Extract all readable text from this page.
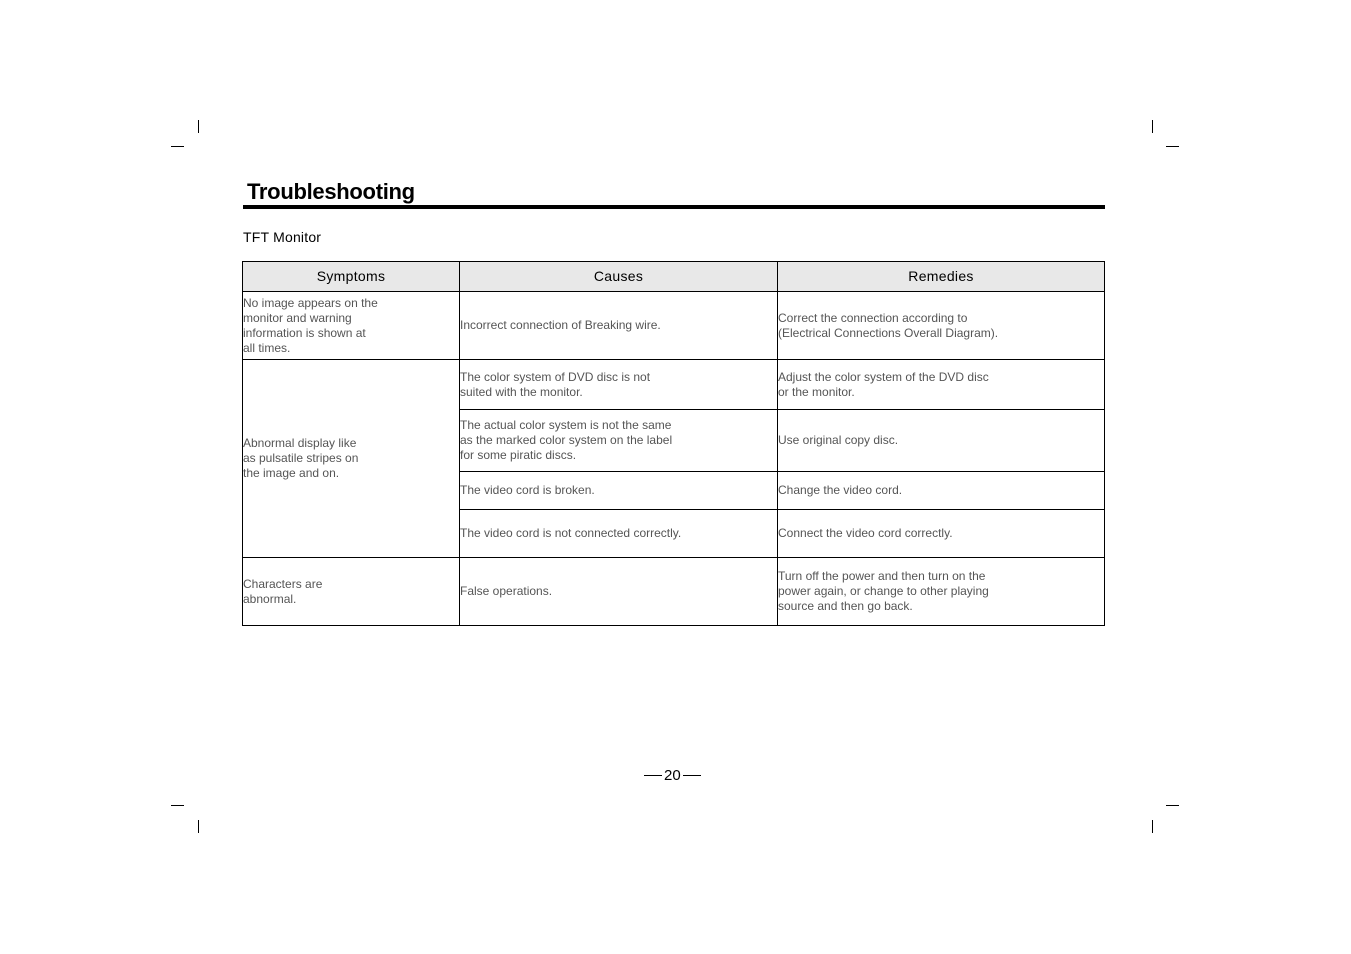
Troubleshooting
TFT Monitor
Symptoms	Causes	Remedies
No image appears on the
monitor and warning
information is shown at
all times.	Incorrect connection of Breaking wire.	Correct the connection according to
(Electrical Connections Overall Diagram).
Abnormal display like
as pulsatile stripes on
the image and on.	The color system of DVD disc is not
suited with the monitor.	Adjust the color system of the DVD disc
or the monitor.
	The actual color system is not the same
as the marked color system on the label
for some piratic discs.	Use original copy disc.
	The video cord is broken.	Change the video cord.
	The video cord is not connected correctly.	Connect the video cord correctly.
Characters are
abnormal.	False operations.	Turn off the power and then turn on the
power again, or change to other playing
source and then go back.
20
